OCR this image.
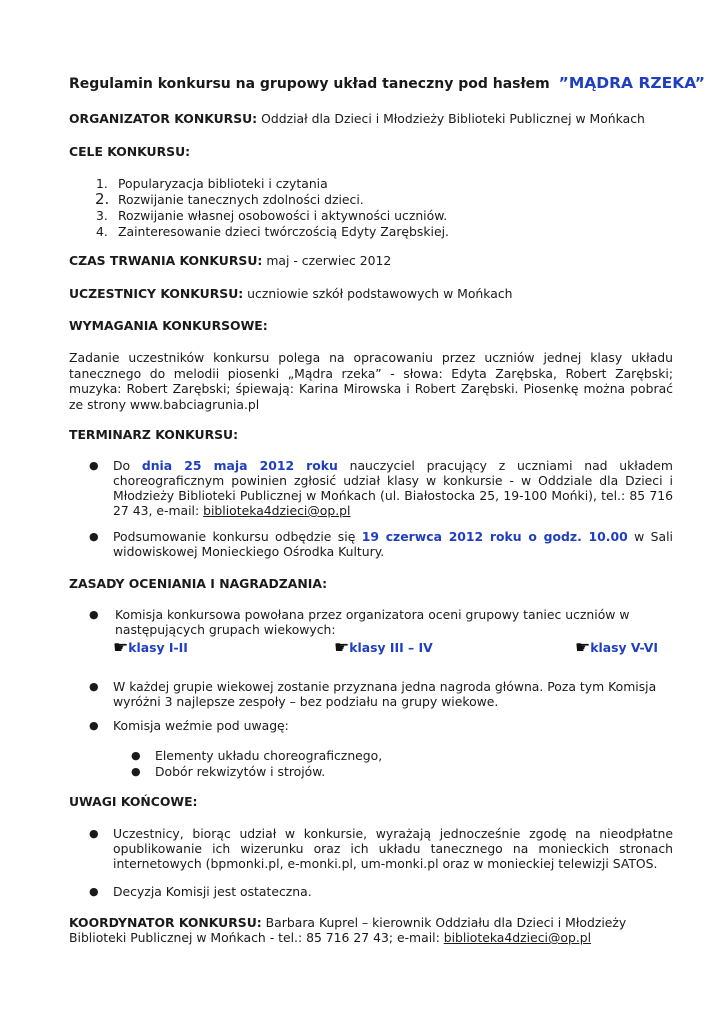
Regulamin konkursu na grupowy układ taneczny pod hasłem ”MĄDRA RZEKA”
ORGANIZATOR KONKURSU: Oddział dla Dzieci i Młodzieży Biblioteki Publicznej w Mońkach
CELE KONKURSU:
1. Popularyzacja biblioteki i czytania
2. Rozwijanie tanecznych zdolności dzieci.
3. Rozwijanie własnej osobowości i aktywności uczniów.
4. Zainteresowanie dzieci twórczością Edyty Zarębskiej.
CZAS TRWANIA KONKURSU: maj - czerwiec 2012
UCZESTNICY KONKURSU: uczniowie szkół podstawowych w Mońkach
WYMAGANIA KONKURSOWE:
Zadanie uczestników konkursu polega na opracowaniu przez uczniów jednej klasy układu tanecznego do melodii piosenki „Mądra rzeka” - słowa: Edyta Zarębska, Robert Zarębski; muzyka: Robert Zarębski; śpiewają: Karina Mirowska i Robert Zarębski. Piosenkę można pobrać ze strony www.babciagrunia.pl
TERMINARZ KONKURSU:
● Do dnia 25 maja 2012 roku nauczyciel pracujący z uczniami nad układem choreograficznym powinien zgłosić udział klasy w konkursie - w Oddziale dla Dzieci i Młodzieży Biblioteki Publicznej w Mońkach (ul. Białostocka 25, 19-100 Mońki), tel.: 85 716 27 43, e-mail: biblioteka4dzieci@op.pl
● Podsumowanie konkursu odbędzie się 19 czerwca 2012 roku o godz. 10.00 w Sali widowiskowej Monieckiego Ośrodka Kultury.
ZASADY OCENIANIA I NAGRADZANIA:
● Komisja konkursowa powołana przez organizatora oceni grupowy taniec uczniów w następujących grupach wiekowych:
☛klasy I-II	☛klasy III – IV	☛klasy V-VI
● W każdej grupie wiekowej zostanie przyznana jedna nagroda główna. Poza tym Komisja wyróżni 3 najlepsze zespoły – bez podziału na grupy wiekowe.
● Komisja weźmie pod uwagę:
● Elementy układu choreograficznego,
● Dobór rekwizytów i strojów.
UWAGI KOŃCOWE:
● Uczestnicy, biorąc udział w konkursie, wyrażają jednocześnie zgodę na nieodpłatne opublikowanie ich wizerunku oraz ich układu tanecznego na monieckich stronach internetowych (bpmonki.pl, e-monki.pl, um-monki.pl oraz w monieckiej telewizji SATOS.
● Decyzja Komisji jest ostateczna.
KOORDYNATOR KONKURSU: Barbara Kuprel – kierownik Oddziału dla Dzieci i Młodzieży Biblioteki Publicznej w Mońkach - tel.: 85 716 27 43; e-mail: biblioteka4dzieci@op.pl
